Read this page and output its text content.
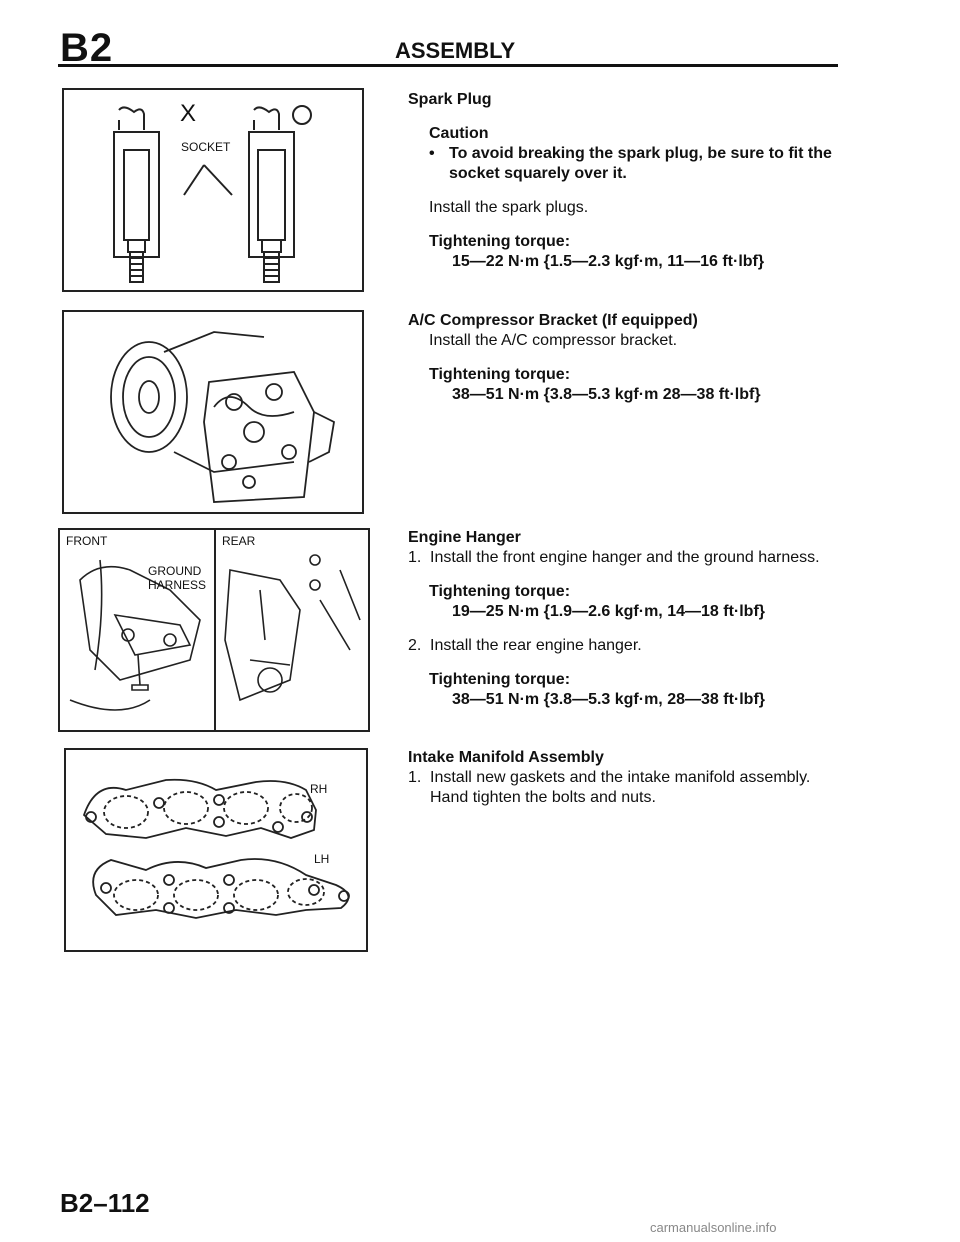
B2	ASSEMBLY
X
SOCKET
FRONT	REAR
GROUND HARNESS
RH
LH
Spark Plug
Caution
• To avoid breaking the spark plug, be sure to fit the socket squarely over it.
Install the spark plugs.
Tightening torque:
15—22 N·m {1.5—2.3 kgf·m, 11—16 ft·lbf}
A/C Compressor Bracket (If equipped)
Install the A/C compressor bracket.
Tightening torque:
38—51 N·m {3.8—5.3 kgf·m 28—38 ft·lbf}
Engine Hanger
1. Install the front engine hanger and the ground harness.
Tightening torque:
19—25 N·m {1.9—2.6 kgf·m, 14—18 ft·lbf}
2. Install the rear engine hanger.
Tightening torque:
38—51 N·m {3.8—5.3 kgf·m, 28—38 ft·lbf}
Intake Manifold Assembly
1. Install new gaskets and the intake manifold assembly. Hand tighten the bolts and nuts.
B2–112
carmanualsonline.info
